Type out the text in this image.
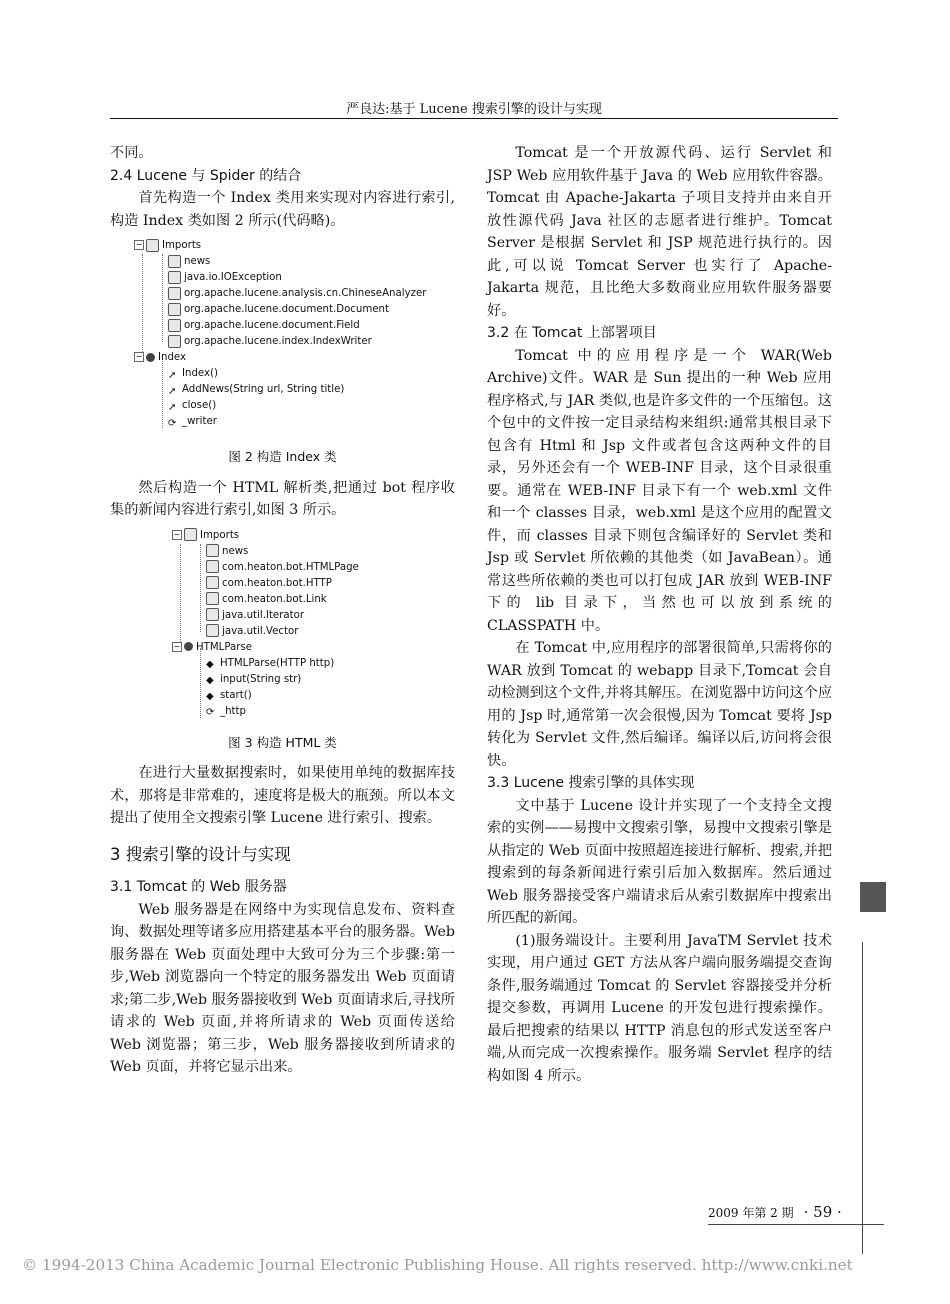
严良达:基于 Lucene 搜索引擎的设计与实现

不同。

2.4 Lucene 与 Spider 的结合

首先构造一个 Index 类用来实现对内容进行索引,构造 Index 类如图 2 所示(代码略)。

− Imports
news
java.io.IOException
org.apache.lucene.analysis.cn.ChineseAnalyzer
org.apache.lucene.document.Document
org.apache.lucene.document.Field
org.apache.lucene.index.IndexWriter
− Index
➚ Index()
➚ AddNews(String url, String title)
➚ close()
⟳ _writer
图 2 构造 Index 类

然后构造一个 HTML 解析类,把通过 bot 程序收集的新闻内容进行索引,如图 3 所示。

− Imports
news
com.heaton.bot.HTMLPage
com.heaton.bot.HTTP
com.heaton.bot.Link
java.util.Iterator
java.util.Vector
− HTMLParse
◆ HTMLParse(HTTP http)
◆ input(String str)
◆ start()
⟳ _http
图 3 构造 HTML 类

在进行大量数据搜索时，如果使用单纯的数据库技术，那将是非常难的，速度将是极大的瓶颈。所以本文提出了使用全文搜索引擎 Lucene 进行索引、搜索。

3 搜索引擎的设计与实现
3.1 Tomcat 的 Web 服务器

Web 服务器是在网络中为实现信息发布、资料查询、数据处理等诸多应用搭建基本平台的服务器。Web 服务器在 Web 页面处理中大致可分为三个步骤:第一步,Web 浏览器向一个特定的服务器发出 Web 页面请求;第二步,Web 服务器接收到 Web 页面请求后,寻找所请求的 Web 页面,并将所请求的 Web 页面传送给 Web 浏览器；第三步，Web 服务器接收到所请求的 Web 页面，并将它显示出来。

Tomcat 是一个开放源代码、运行 Servlet 和 JSP Web 应用软件基于 Java 的 Web 应用软件容器。Tomcat 由 Apache-Jakarta 子项目支持并由来自开放性源代码 Java 社区的志愿者进行维护。Tomcat Server 是根据 Servlet 和 JSP 规范进行执行的。因此,可以说 Tomcat Server 也实行了 Apache-Jakarta 规范，且比绝大多数商业应用软件服务器要好。

3.2 在 Tomcat 上部署项目

Tomcat 中的应用程序是一个 WAR(Web Archive)文件。WAR 是 Sun 提出的一种 Web 应用程序格式,与 JAR 类似,也是许多文件的一个压缩包。这个包中的文件按一定目录结构来组织:通常其根目录下包含有 Html 和 Jsp 文件或者包含这两种文件的目录，另外还会有一个 WEB-INF 目录，这个目录很重要。通常在 WEB-INF 目录下有一个 web.xml 文件和一个 classes 目录，web.xml 是这个应用的配置文件，而 classes 目录下则包含编译好的 Servlet 类和 Jsp 或 Servlet 所依赖的其他类（如 JavaBean）。通常这些所依赖的类也可以打包成 JAR 放到 WEB-INF 下的 lib 目录下，当然也可以放到系统的 CLASSPATH 中。

在 Tomcat 中,应用程序的部署很简单,只需将你的 WAR 放到 Tomcat 的 webapp 目录下,Tomcat 会自动检测到这个文件,并将其解压。在浏览器中访问这个应用的 Jsp 时,通常第一次会很慢,因为 Tomcat 要将 Jsp 转化为 Servlet 文件,然后编译。编译以后,访问将会很快。

3.3 Lucene 搜索引擎的具体实现

文中基于 Lucene 设计并实现了一个支持全文搜索的实例——易搜中文搜索引擎，易搜中文搜索引擎是从指定的 Web 页面中按照超连接进行解析、搜索,并把搜索到的每条新闻进行索引后加入数据库。然后通过 Web 服务器接受客户端请求后从索引数据库中搜索出所匹配的新闻。

(1)服务端设计。主要利用 JavaTM Servlet 技术实现，用户通过 GET 方法从客户端向服务端提交查询条件,服务端通过 Tomcat 的 Servlet 容器接受并分析提交参数，再调用 Lucene 的开发包进行搜索操作。最后把搜索的结果以 HTTP 消息包的形式发送至客户端,从而完成一次搜索操作。服务端 Servlet 程序的结构如图 4 所示。

2009 年第 2 期 · 59 ·
© 1994-2013 China Academic Journal Electronic Publishing House. All rights reserved. http://www.cnki.net
